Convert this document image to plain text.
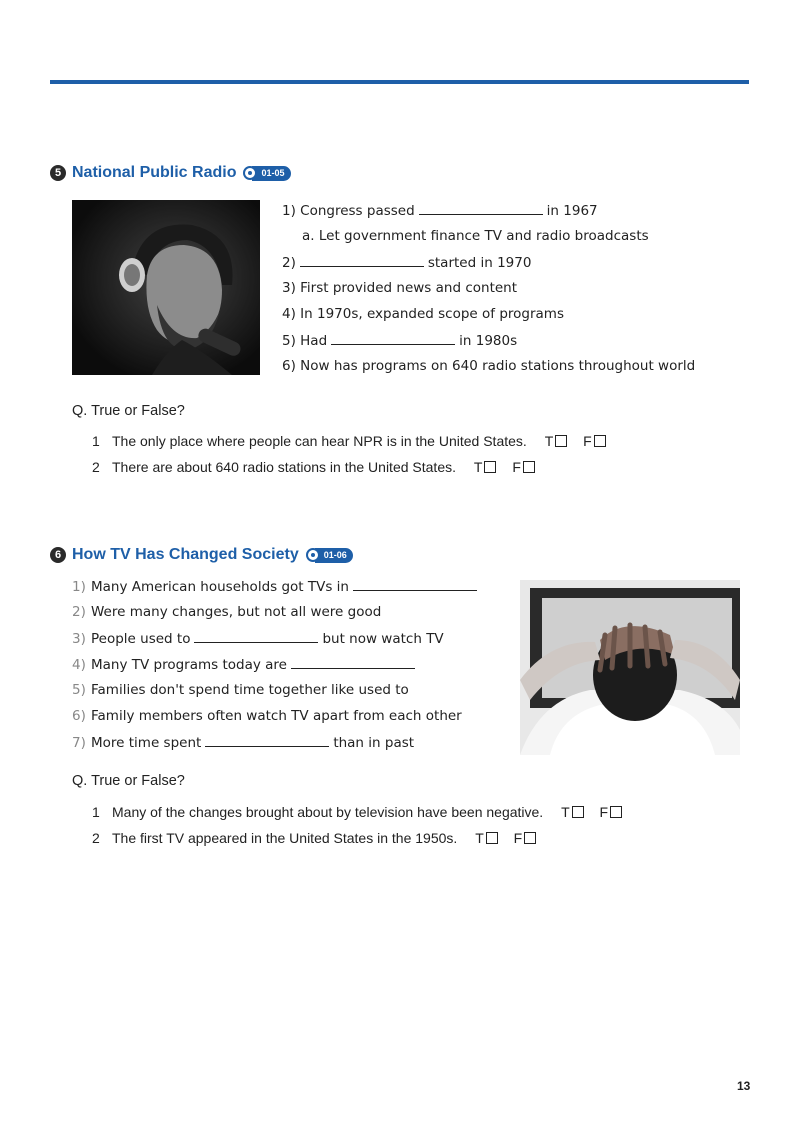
5 National Public Radio	01-05
1) Congress passed	in 1967
a. Let government finance TV and radio broadcasts
2)	started in 1970
3) First provided news and content
4) In 1970s, expanded scope of programs
5) Had	in 1980s
6) Now has programs on 640 radio stations throughout world
Q. True or False?
1 The only place where people can hear NPR is in the United States. T F
2 There are about 640 radio stations in the United States. T F
6 How TV Has Changed Society	01-06
1) Many American households got TVs in
2) Were many changes, but not all were good
3) People used to	but now watch TV
4) Many TV programs today are
5) Families don't spend time together like used to
6) Family members often watch TV apart from each other
7) More time spent	than in past
Q. True or False?
1 Many of the changes brought about by television have been negative. T F
2 The first TV appeared in the United States in the 1950s. T F
13
